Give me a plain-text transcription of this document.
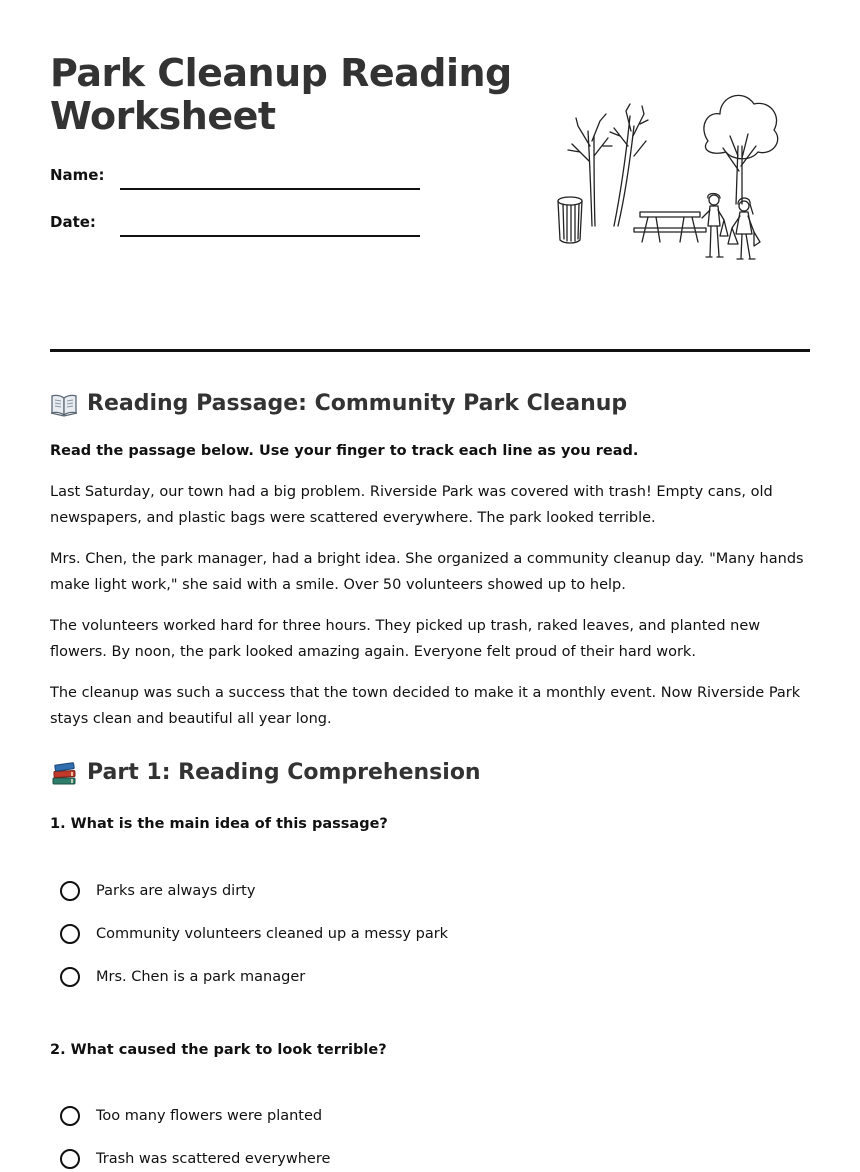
Park Cleanup Reading Worksheet
Name:
Date:
Reading Passage: Community Park Cleanup

Read the passage below. Use your finger to track each line as you read.

Last Saturday, our town had a big problem. Riverside Park was covered with trash! Empty cans, old newspapers, and plastic bags were scattered everywhere. The park looked terrible.

Mrs. Chen, the park manager, had a bright idea. She organized a community cleanup day. "Many hands make light work," she said with a smile. Over 50 volunteers showed up to help.

The volunteers worked hard for three hours. They picked up trash, raked leaves, and planted new flowers. By noon, the park looked amazing again. Everyone felt proud of their hard work.

The cleanup was such a success that the town decided to make it a monthly event. Now Riverside Park stays clean and beautiful all year long.

Part 1: Reading Comprehension

1. What is the main idea of this passage?

Parks are always dirty
Community volunteers cleaned up a messy park
Mrs. Chen is a park manager

2. What caused the park to look terrible?

Too many flowers were planted
Trash was scattered everywhere
